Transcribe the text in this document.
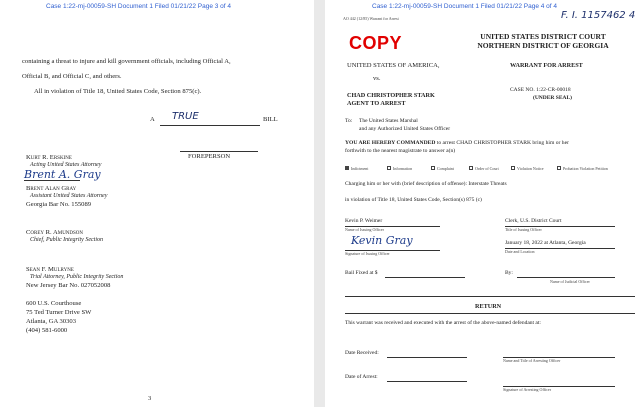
Case 1:22-mj-00059-SH Document 1 Filed 01/21/22 Page 3 of 4
containing a threat to injure and kill government officials, including Official A,
Official B, and Official C, and others.
All in violation of Title 18, United States Code, Section 875(c).
A TRUE	BILL
FOREPERSON
Kurt R. Erskine
Acting United States Attorney
Brent A. Gray
Brent Alan Gray
Assistant United States Attorney
Georgia Bar No. 155089
Corey R. Amundson
Chief, Public Integrity Section
Sean F. Mulryne
Trial Attorney, Public Integrity Section
New Jersey Bar No. 027052008
600 U.S. Courthouse
75 Ted Turner Drive SW
Atlanta, GA 30303
(404) 581-6000
3
Case 1:22-mj-00059-SH Document 1 Filed 01/21/22 Page 4 of 4
AO 442 (12/85) Warrant for Arrest	F. I. 1157462 4
COPY	UNITED STATES DISTRICT COURT
NORTHERN DISTRICT OF GEORGIA
UNITED STATES OF AMERICA,	WARRANT FOR ARREST
vs.
CASE NO. 1:22-CR-00018
(UNDER SEAL)
CHAD CHRISTOPHER STARK
AGENT TO ARREST
To: The United States Marshal
and any Authorized United States Officer
YOU ARE HEREBY COMMANDED to arrest CHAD CHRISTOPHER STARK bring him or her
forthwith to the nearest magistrate to answer a(n)
Indictment	Information	Complaint	Order of Court	Violation Notice	Probation Violation Petition
Charging him or her with (brief description of offense): Interstate Threats
in violation of Title 18, United States Code, Section(s) 875 (c)
Kevin P. Weimer
Name of Issuing Officer
Clerk, U.S. District Court
Title of Issuing Officer
Kevin Gray
Signature of Issuing Officer
January 18, 2022 at Atlanta, Georgia
Date and Location
Bail Fixed at $	By:
Name of Judicial Officer
RETURN
This warrant was received and executed with the arrest of the above-named defendant at:
Date Received:
Name and Title of Arresting Officer
Date of Arrest:
Signature of Arresting Officer
